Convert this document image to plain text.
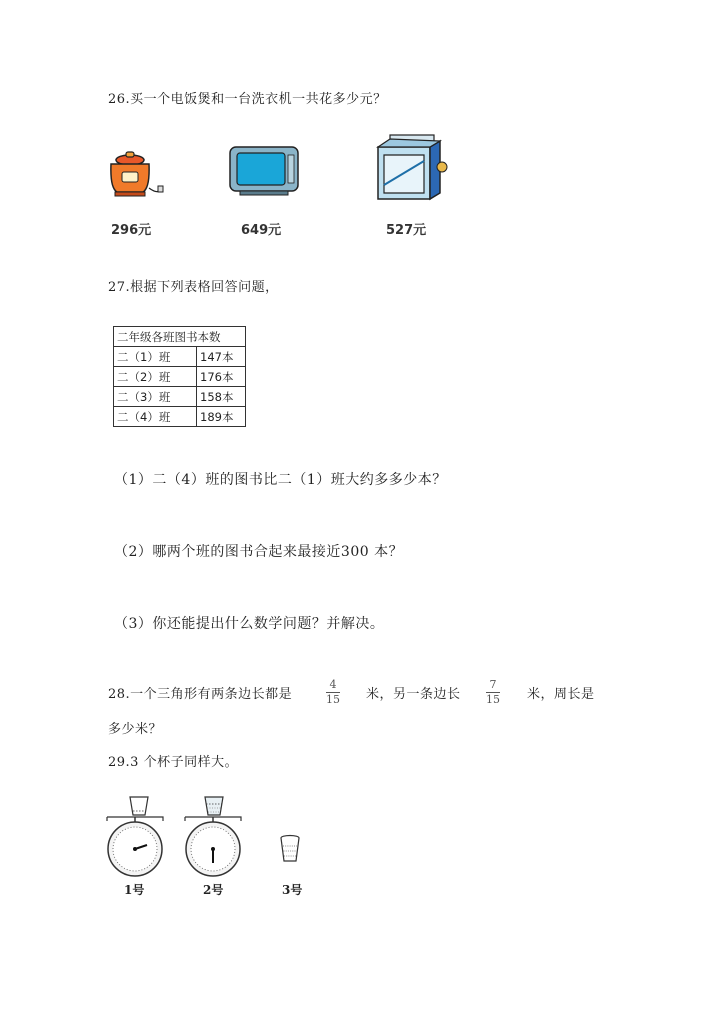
26.买一个电饭煲和一台洗衣机一共花多少元？
296元	649元	527元
27.根据下列表格回答问题，
二年级各班图书本数	
二（1）班	147本
二（2）班	176本
二（3）班	158本
二（4）班	189本
（1）二（4）班的图书比二（1）班大约多多少本？
（2）哪两个班的图书合起来最接近300 本？
（3）你还能提出什么数学问题？并解决。
28.一个三角形有两条边长都是
4
15 米，另一条边长
7
15 米，周长是
多少米？
29.3 个杯子同样大。
1号	2号	3号
